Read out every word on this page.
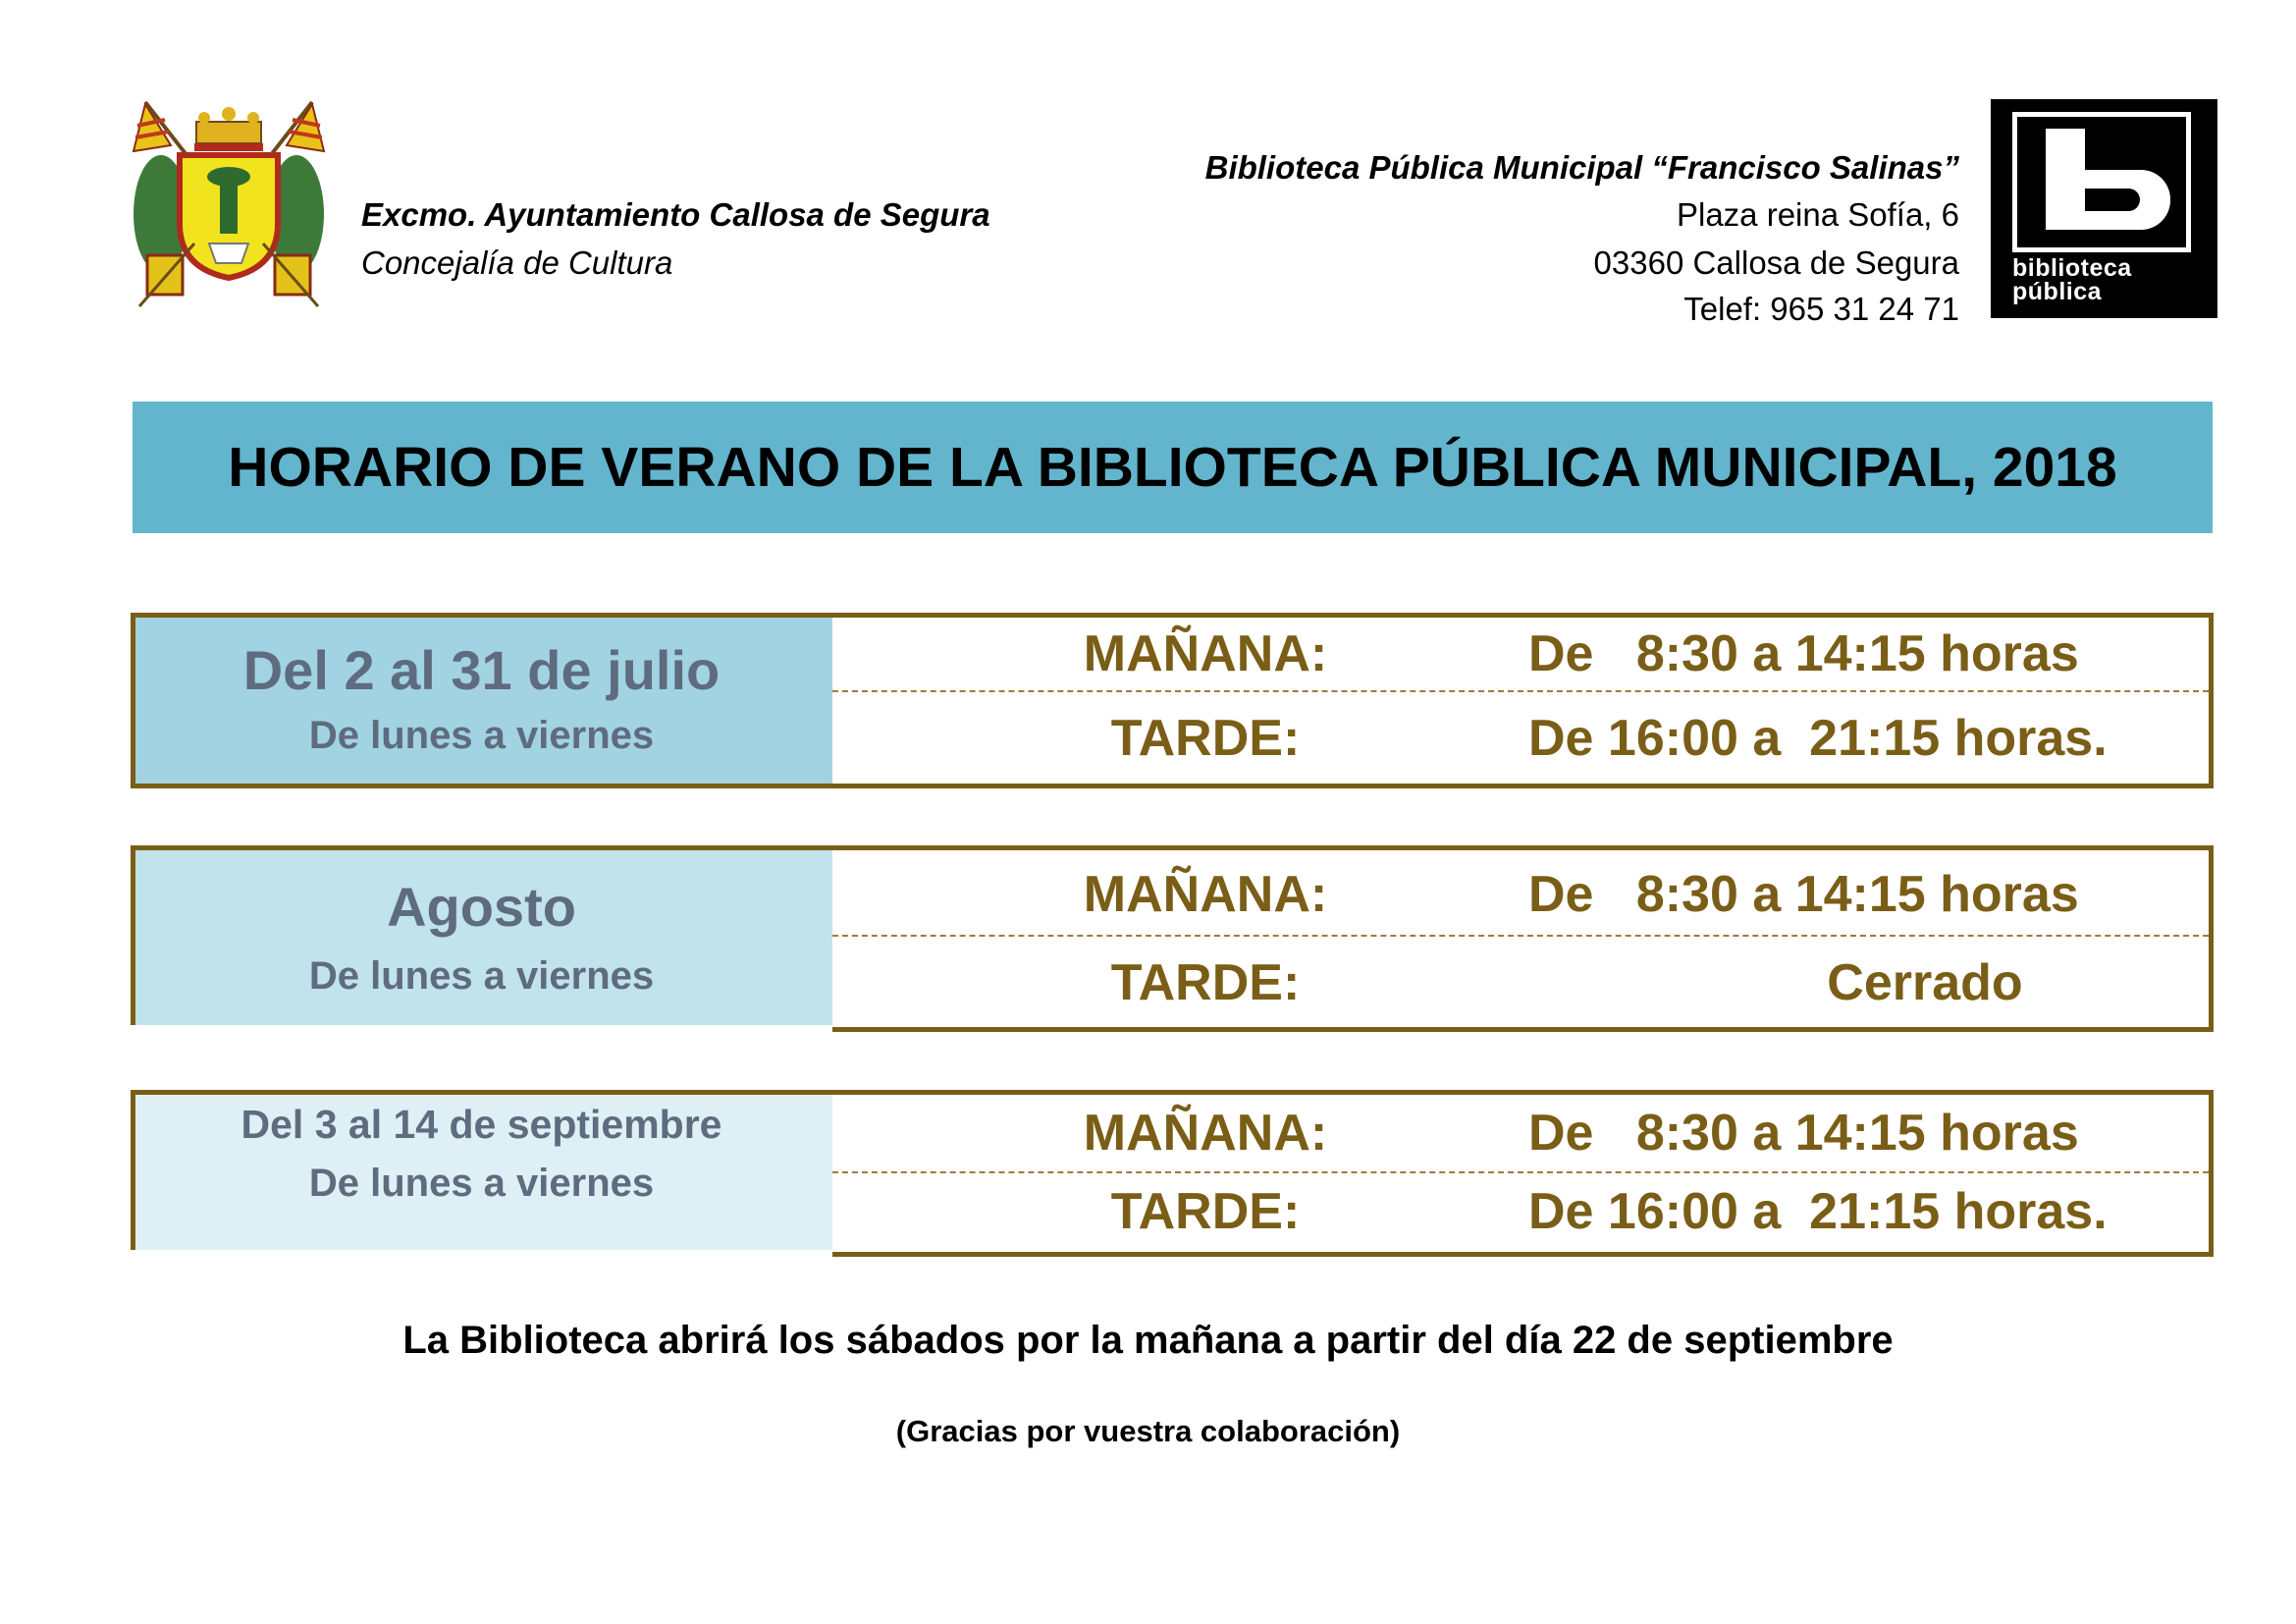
Excmo. Ayuntamiento Callosa de Segura
Concejalía de Cultura
Biblioteca Pública Municipal “Francisco Salinas”
Plaza reina Sofía, 6
03360 Callosa de Segura
Telef: 965 31 24 71
biblioteca
pública
HORARIO DE VERANO DE LA BIBLIOTECA PÚBLICA MUNICIPAL, 2018
Del 2 al 31 de julio
De lunes a viernes
MAÑANA:	De   8:30 a 14:15 horas
TARDE:	De 16:00 a  21:15 horas.
Agosto
De lunes a viernes
MAÑANA:	De   8:30 a 14:15 horas
TARDE:	Cerrado
Del 3 al 14 de septiembre
De lunes a viernes
MAÑANA:	De   8:30 a 14:15 horas
TARDE:	De 16:00 a  21:15 horas.
La Biblioteca abrirá los sábados por la mañana a partir del día 22 de septiembre
(Gracias por vuestra colaboración)
